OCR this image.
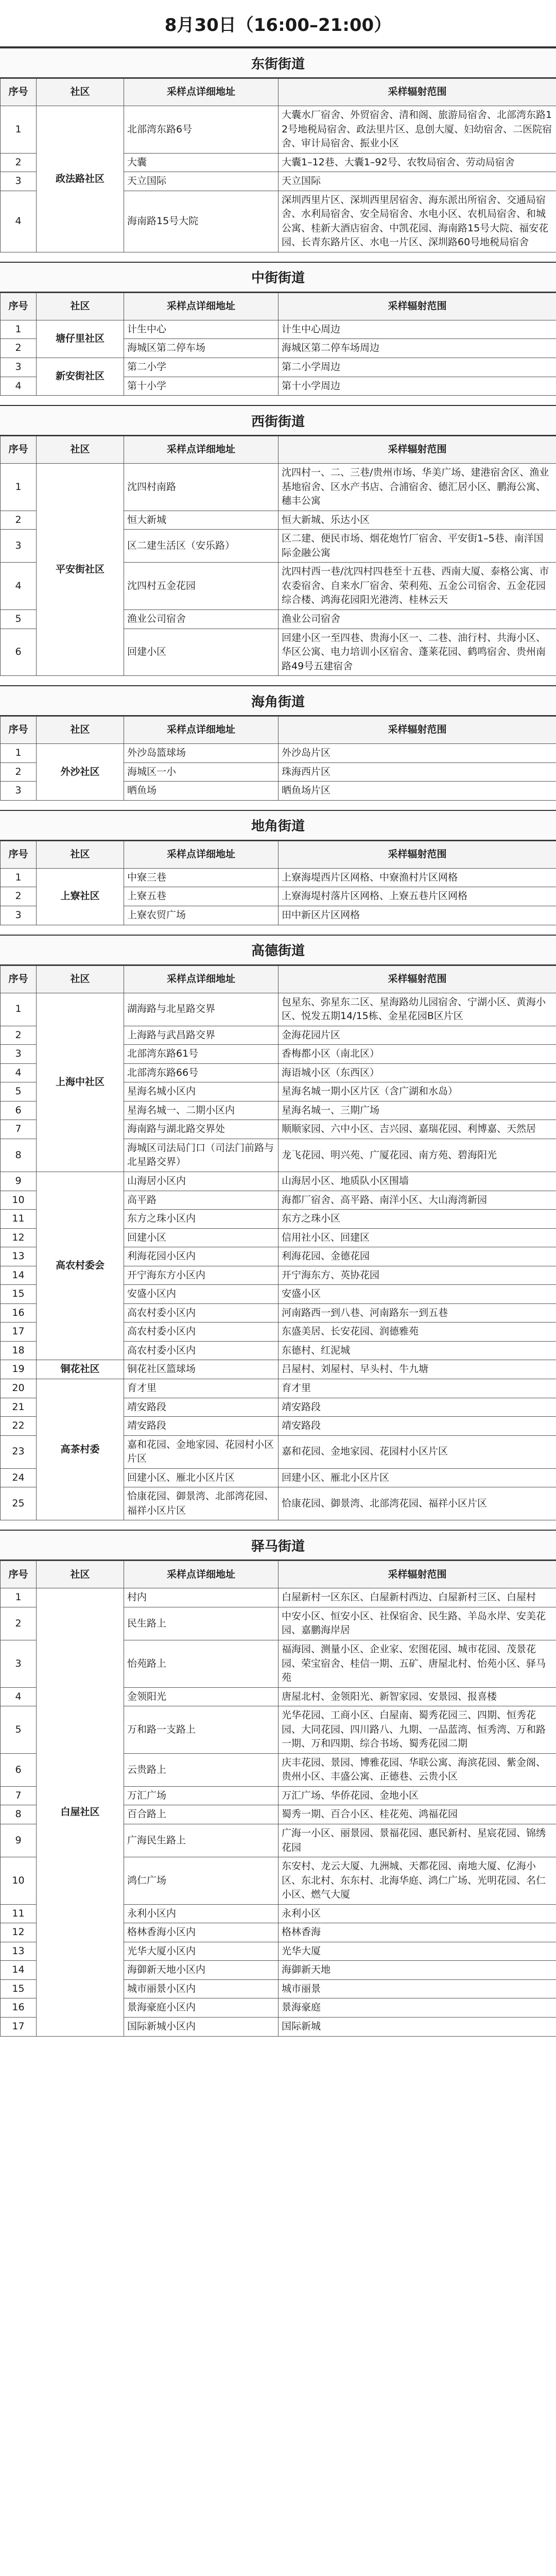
8月30日（16:00–21:00）
东街街道
序号	社区	采样点详细地址	采样辐射范围
1	政法路社区	北部湾东路6号	大囊水厂宿舍、外贸宿舍、清和阁、旅游局宿舍、北部湾东路12号地税局宿舍、政法里片区、息创大厦、妇幼宿舍、二医院宿舍、审计局宿舍、振业小区
2		大囊	大囊1–12巷、大囊1–92号、农牧局宿舍、劳动局宿舍
3		天立国际	天立国际
4		海南路15号大院	深圳西里片区、深圳西里居宿舍、海东派出所宿舍、交通局宿舍、水利局宿舍、安全局宿舍、水电小区、农机局宿舍、和城公寓、桂新大酒店宿舍、中凯花园、海南路15号大院、福安花园、长青东路片区、水电一片区、深圳路60号地税局宿舍
中街街道
序号	社区	采样点详细地址	采样辐射范围
1	塘仔里社区	计生中心	计生中心周边
2		海城区第二停车场	海城区第二停车场周边
3	新安街社区	第二小学	第二小学周边
4		第十小学	第十小学周边
西街街道
序号	社区	采样点详细地址	采样辐射范围
1	平安街社区	沈四村南路	沈四村一、二、三巷/贵州市场、华美广场、建港宿舍区、渔业基地宿舍、区水产书店、合浦宿舍、德汇居小区、鹏海公寓、穗丰公寓
2		恒大新城	恒大新城、乐达小区
3		区二建生活区（安乐路）	区二建、便民市场、烟花炮竹厂宿舍、平安街1–5巷、南洋国际金融公寓
4		沈四村五金花园	沈四村西一巷/沈四村四巷至十五巷、西南大厦、泰格公寓、市农委宿舍、自来水厂宿舍、荣利苑、五金公司宿舍、五金花园综合楼、鸿海花园阳光港湾、桂林云天
5		渔业公司宿舍	渔业公司宿舍
6		回建小区	回建小区一至四巷、贵海小区一、二巷、油行村、共海小区、华区公寓、电力培训小区宿舍、蓬莱花园、鹤鸣宿舍、贵州南路49号五建宿舍
海角街道
序号	社区	采样点详细地址	采样辐射范围
1	外沙社区	外沙岛篮球场	外沙岛片区
2		海城区一小	珠海西片区
3		晒鱼场	晒鱼场片区
地角街道
序号	社区	采样点详细地址	采样辐射范围
1	上寮社区	中寮三巷	上寮海堤西片区网格、中寮渔村片区网格
2		上寮五巷	上寮海堤村落片区网格、上寮五巷片区网格
3		上寮农贸广场	田中新区片区网格
高德街道
序号	社区	采样点详细地址	采样辐射范围
1	上海中社区	湖海路与北星路交界	包星东、弥星东二区、星海路幼儿园宿舍、宁湖小区、黄海小区、悦发五期14/15栋、金星花园B区片区
2		上海路与武昌路交界	金海花园片区
3		北部湾东路61号	香梅都小区（南北区）
4		北部湾东路66号	海语城小区（东西区）
5		星海名城小区内	星海名城一期小区片区（含广湖和水岛）
6		星海名城一、二期小区内	星海名城一、三期广场
7		海南路与湖北路交界处	顺顺家园、六中小区、吉兴园、嘉瑞花园、利博嘉、天然居
8		海城区司法局门口（司法门前路与北星路交界）	龙飞花园、明兴苑、广厦花园、南方苑、碧海阳光
9	高农村委会	山海居小区内	山海居小区、地质队小区围墙
10		高平路	海都厂宿舍、高平路、南洋小区、大山海湾新园
11		东方之珠小区内	东方之珠小区
12		回建小区	信用社小区、回建区
13		利海花园小区内	利海花园、金德花园
14		开宁海东方小区内	开宁海东方、英协花园
15		安盛小区内	安盛小区
16		高农村委小区内	河南路西一到八巷、河南路东一到五巷
17		高农村委小区内	东盛美居、长安花园、润德雅苑
18		高农村委小区内	东德村、红泥城
19	铜花社区	铜花社区篮球场	吕屋村、刘屋村、早头村、牛九塘
20	高茶村委	育才里	育才里
21		靖安路段	靖安路段
22		靖安路段	靖安路段
23		嘉和花园、金地家园、花园村小区片区	嘉和花园、金地家园、花园村小区片区
24		回建小区、雁北小区片区	回建小区、雁北小区片区
25		恰康花园、御景湾、北部湾花园、福祥小区片区	恰康花园、御景湾、北部湾花园、福祥小区片区
驿马街道
序号	社区	采样点详细地址	采样辐射范围
1	白屋社区	村内	白屋新村一区东区、白屋新村西边、白屋新村三区、白屋村
2		民生路上	中安小区、恒安小区、社保宿舍、民生路、羊岛水岸、安美花园、嘉鹏海岸居
3		怡苑路上	福海园、测量小区、企业家、宏图花园、城市花园、茂景花园、荣宝宿舍、桂信一期、五矿、唐屋北村、怡苑小区、驿马苑
4		金领阳光	唐屋北村、金领阳光、新智家园、安景园、报喜楼
5		万和路一支路上	光华花园、工商小区、白屋南、蜀秀花园三、四期、恒秀花园、大同花园、四川路八、九期、一品蓝湾、恒秀湾、万和路一期、万和四期、综合书场、蜀秀花园二期
6		云贵路上	庆丰花园、景园、博雅花园、华联公寓、海滨花园、紫金阁、贵州小区、丰盛公寓、正德巷、云贵小区
7		万汇广场	万汇广场、华侨花园、金地小区
8		百合路上	蜀秀一期、百合小区、桂花苑、鸿福花园
9		广海民生路上	广海一小区、丽景园、景福花园、惠民新村、星宸花园、锦绣花园
10		鸿仁广场	东安村、龙云大厦、九洲城、天都花园、南地大厦、亿海小区、东北村、东东村、北海华庭、鸿仁广场、光明花园、名仁小区、燃气大厦
11		永利小区内	永利小区
12		格林香海小区内	格林香海
13		光华大厦小区内	光华大厦
14		海御新天地小区内	海御新天地
15		城市丽景小区内	城市丽景
16		景海豪庭小区内	景海豪庭
17		国际新城小区内	国际新城
